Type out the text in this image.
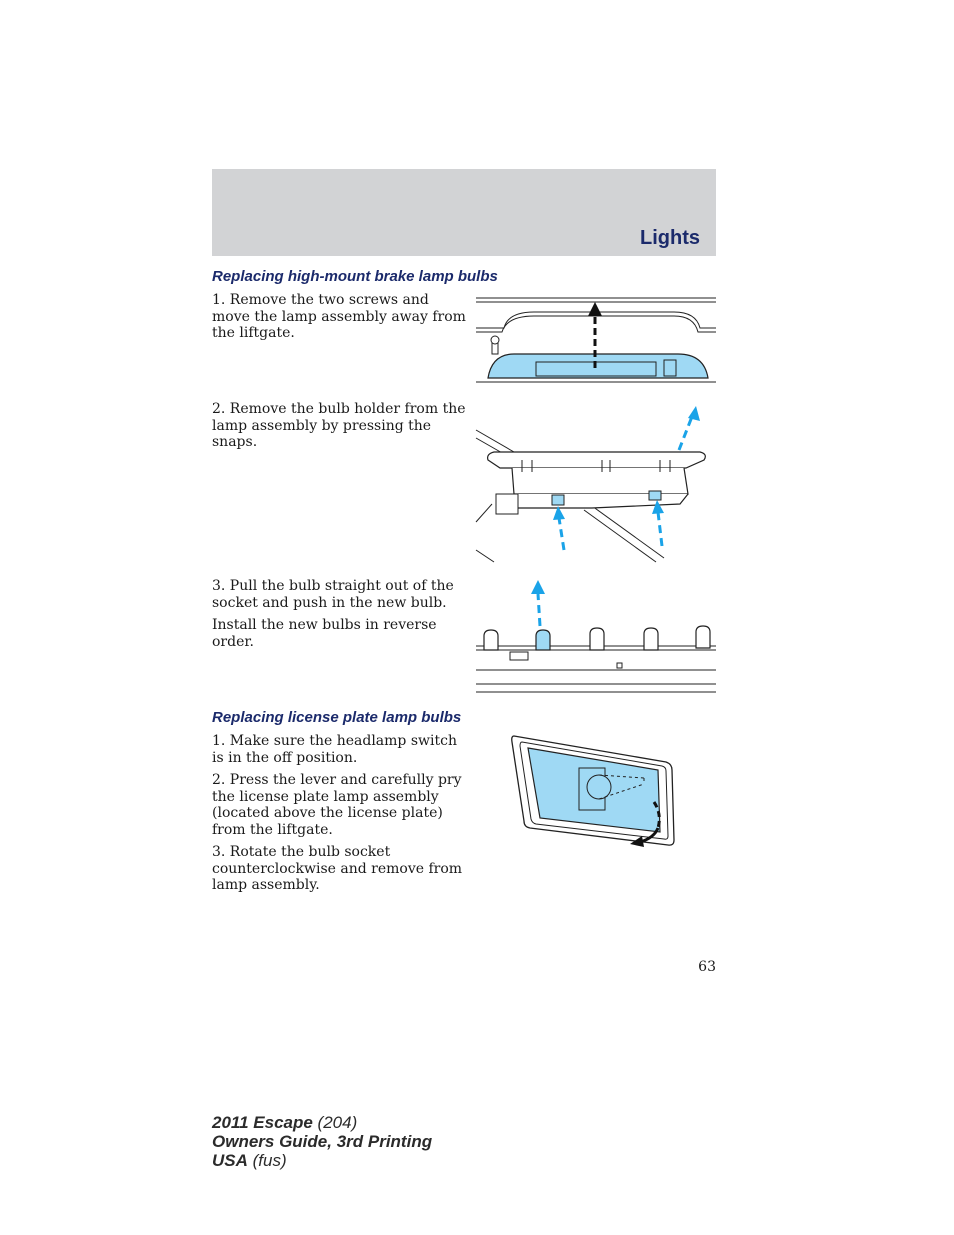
Lights
Replacing high-mount brake lamp bulbs

1. Remove the two screws and move the lamp assembly away from the liftgate.

2. Remove the bulb holder from the lamp assembly by pressing the snaps.

3. Pull the bulb straight out of the socket and push in the new bulb.

Install the new bulbs in reverse order.

Replacing license plate lamp bulbs

1. Make sure the headlamp switch is in the off position.

2. Press the lever and carefully pry the license plate lamp assembly (located above the license plate) from the liftgate.

3. Rotate the bulb socket counterclockwise and remove from lamp assembly.

63
2011 Escape (204)
Owners Guide, 3rd Printing
USA (fus)
